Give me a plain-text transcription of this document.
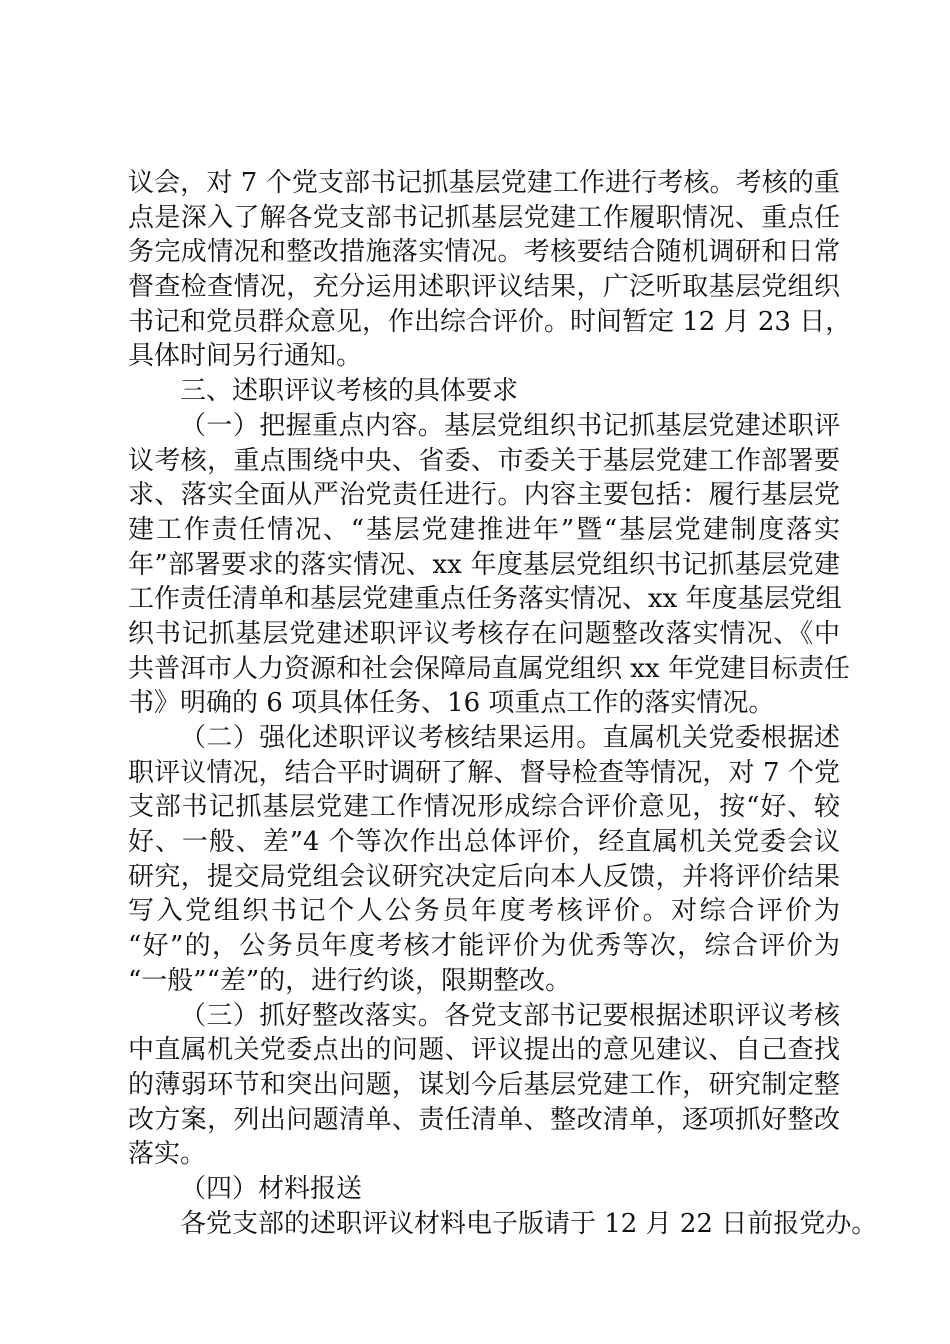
议会，对 7 个党支部书记抓基层党建工作进行考核。考核的重
点是深入了解各党支部书记抓基层党建工作履职情况、重点任
务完成情况和整改措施落实情况。考核要结合随机调研和日常
督查检查情况，充分运用述职评议结果，广泛听取基层党组织
书记和党员群众意见，作出综合评价。时间暂定 12 月 23 日，
具体时间另行通知。
三、述职评议考核的具体要求
（一）把握重点内容。基层党组织书记抓基层党建述职评
议考核，重点围绕中央、省委、市委关于基层党建工作部署要
求、落实全面从严治党责任进行。内容主要包括：履行基层党
建工作责任情况、“基层党建推进年”暨“基层党建制度落实
年”部署要求的落实情况、xx 年度基层党组织书记抓基层党建
工作责任清单和基层党建重点任务落实情况、xx 年度基层党组
织书记抓基层党建述职评议考核存在问题整改落实情况、《中
共普洱市人力资源和社会保障局直属党组织 xx 年党建目标责任
书》明确的 6 项具体任务、16 项重点工作的落实情况。
（二）强化述职评议考核结果运用。直属机关党委根据述
职评议情况，结合平时调研了解、督导检查等情况，对 7 个党
支部书记抓基层党建工作情况形成综合评价意见，按“好、较
好、一般、差”4 个等次作出总体评价，经直属机关党委会议
研究，提交局党组会议研究决定后向本人反馈，并将评价结果
写入党组织书记个人公务员年度考核评价。对综合评价为
“好”的，公务员年度考核才能评价为优秀等次，综合评价为
“一般”“差”的，进行约谈，限期整改。
（三）抓好整改落实。各党支部书记要根据述职评议考核
中直属机关党委点出的问题、评议提出的意见建议、自己查找
的薄弱环节和突出问题，谋划今后基层党建工作，研究制定整
改方案，列出问题清单、责任清单、整改清单，逐项抓好整改
落实。
（四）材料报送
各党支部的述职评议材料电子版请于 12 月 22 日前报党办。
